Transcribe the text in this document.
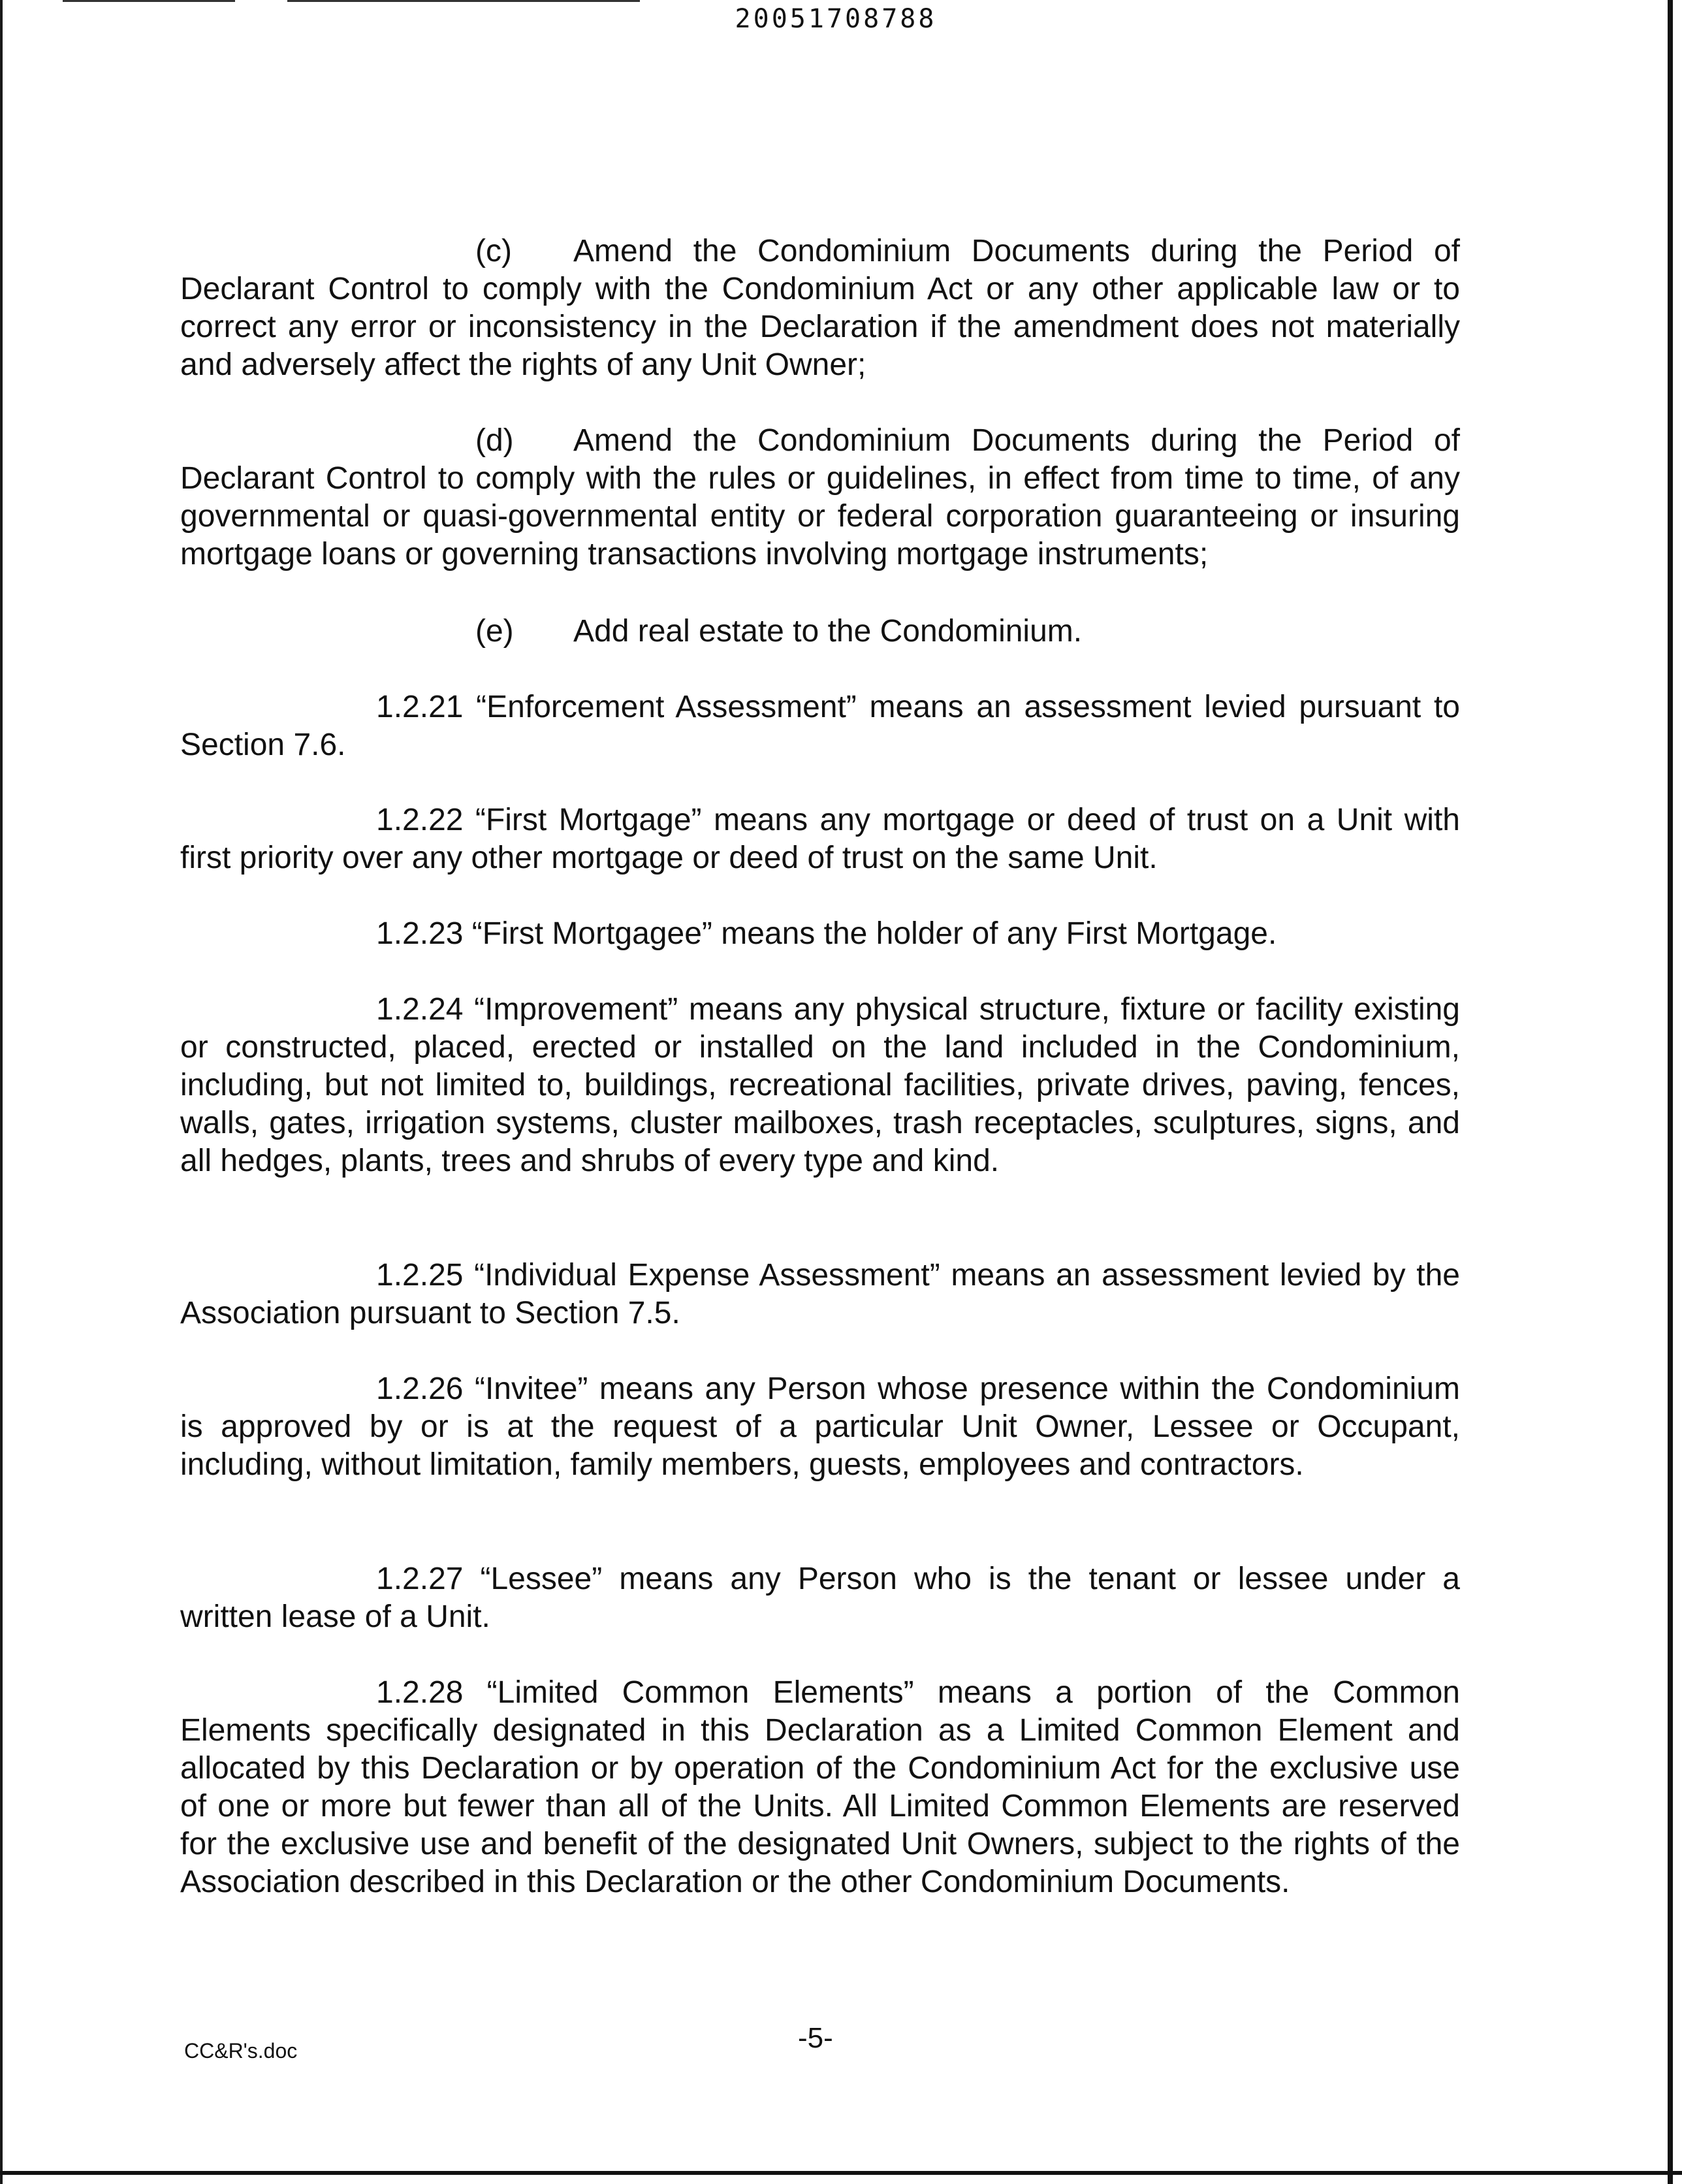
20051708788

(c) Amend the Condominium Documents during the Period of Declarant Control to comply with the Condominium Act or any other applicable law or to correct any error or inconsistency in the Declaration if the amendment does not materially and adversely affect the rights of any Unit Owner;

(d) Amend the Condominium Documents during the Period of Declarant Control to comply with the rules or guidelines, in effect from time to time, of any governmental or quasi-governmental entity or federal corporation guaranteeing or insuring mortgage loans or governing transactions involving mortgage instruments;

(e) Add real estate to the Condominium.

1.2.21 “Enforcement Assessment” means an assessment levied pursuant to Section 7.6.

1.2.22 “First Mortgage” means any mortgage or deed of trust on a Unit with first priority over any other mortgage or deed of trust on the same Unit.

1.2.23 “First Mortgagee” means the holder of any First Mortgage.

1.2.24 “Improvement” means any physical structure, fixture or facility existing or constructed, placed, erected or installed on the land included in the Condominium, including, but not limited to, buildings, recreational facilities, private drives, paving, fences, walls, gates, irrigation systems, cluster mailboxes, trash receptacles, sculptures, signs, and all hedges, plants, trees and shrubs of every type and kind.

1.2.25 “Individual Expense Assessment” means an assessment levied by the Association pursuant to Section 7.5.

1.2.26 “Invitee” means any Person whose presence within the Condominium is approved by or is at the request of a particular Unit Owner, Lessee or Occupant, including, without limitation, family members, guests, employees and contractors.

1.2.27 “Lessee” means any Person who is the tenant or lessee under a written lease of a Unit.

1.2.28 “Limited Common Elements” means a portion of the Common Elements specifically designated in this Declaration as a Limited Common Element and allocated by this Declaration or by operation of the Condominium Act for the exclusive use of one or more but fewer than all of the Units. All Limited Common Elements are reserved for the exclusive use and benefit of the designated Unit Owners, subject to the rights of the Association described in this Declaration or the other Condominium Documents.

CC&R's.doc	-5-
